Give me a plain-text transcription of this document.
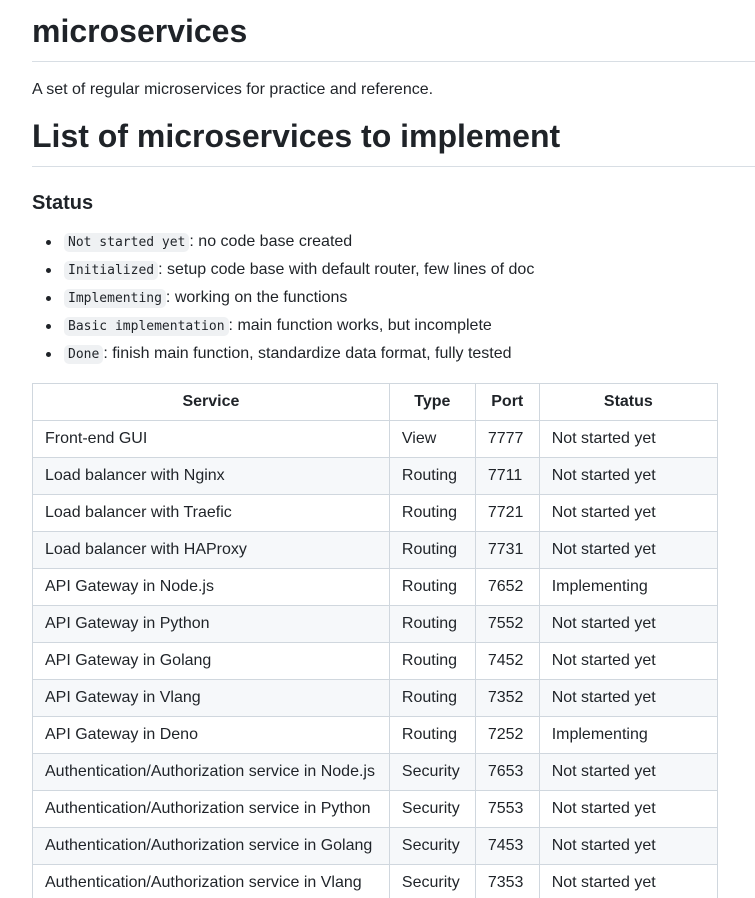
microservices

A set of regular microservices for practice and reference.

List of microservices to implement
Status
Not started yet : no code base created
Initialized : setup code base with default router, few lines of doc
Implementing : working on the functions
Basic implementation : main function works, but incomplete
Done : finish main function, standardize data format, fully tested
Service	Type	Port	Status
Front-end GUI	View	7777	Not started yet
Load balancer with Nginx	Routing	7711	Not started yet
Load balancer with Traefic	Routing	7721	Not started yet
Load balancer with HAProxy	Routing	7731	Not started yet
API Gateway in Node.js	Routing	7652	Implementing
API Gateway in Python	Routing	7552	Not started yet
API Gateway in Golang	Routing	7452	Not started yet
API Gateway in Vlang	Routing	7352	Not started yet
API Gateway in Deno	Routing	7252	Implementing
Authentication/Authorization service in Node.js	Security	7653	Not started yet
Authentication/Authorization service in Python	Security	7553	Not started yet
Authentication/Authorization service in Golang	Security	7453	Not started yet
Authentication/Authorization service in Vlang	Security	7353	Not started yet
